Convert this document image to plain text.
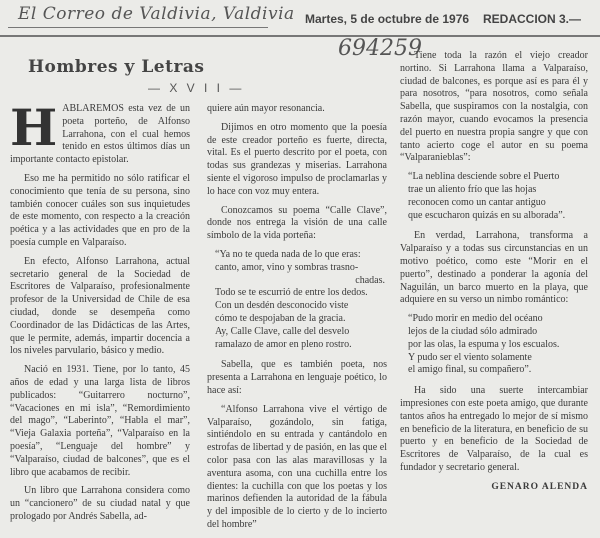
El Correo de Valdivia, Valdivia Martes, 5 de octubre de 1976 REDACCION 3.—
694259
Hombres y Letras
— X V I I —

HABLAREMOS esta vez de un poeta porteño, de Alfonso Larrahona, con el cual hemos tenido en estos últimos días un importante contacto epistolar.

Eso me ha permitido no sólo ratificar el conocimiento que tenía de su persona, sino también conocer cuáles son sus inquietudes de este momento, con respecto a la creación poética y a las actividades que en pro de la poesía cumple en Valparaíso.

En efecto, Alfonso Larrahona, actual secretario general de la Sociedad de Escritores de Valparaíso, profesionalmente profesor de la Universidad de Chile de esa ciudad, donde se desempeña como Coordinador de las Didácticas de las Artes, que le permite, además, impartir docencia a los niveles parvulario, básico y medio.

Nació en 1931. Tiene, por lo tanto, 45 años de edad y una larga lista de libros publicados: “Guitarrero nocturno”, “Vacaciones en mi isla”, “Remordimiento del mago”, “Laberinto”, “Habla el mar”, “Vieja Galaxia porteña”, “Valparaíso en la poesía”, “Lenguaje del hombre” y “Valparaíso, ciudad de balcones”, que es el libro que acabamos de recibir.

Un libro que Larrahona considera como un “cancionero” de su ciudad natal y que prologado por Andrés Sabella, ad-

quiere aún mayor resonancia.

Dijimos en otro momento que la poesía de este creador porteño es fuerte, directa, vital. Es el puerto descrito por el poeta, con todas sus grandezas y miserias. Larrahona siente el vigoroso impulso de proclamarlas y lo hace con voz muy entera.

Conozcamos su poema “Calle Clave”, donde nos entrega la visión de una calle símbolo de la vida porteña:

“Ya no te queda nada de lo que eras:
canto, amor, vino y sombras trasno-
chadas.
Todo se te escurrió de entre los dedos.
Con un desdén desconocido viste
cómo te despojaban de la gracia.
Ay, Calle Clave, calle del desvelo
ramalazo de amor en pleno rostro.

Sabella, que es también poeta, nos presenta a Larrahona en lenguaje poético, lo hace así:

“Alfonso Larrahona vive el vértigo de Valparaíso, gozándolo, sin fatiga, sintiéndolo en su entrada y cantándolo en estrofas de libertad y de pasión, en las que el color pasa con las alas maravillosas y la aventura asoma, con una cuchilla entre los dientes: la cuchilla con que los poetas y los marinos defienden la autoridad de la fábula y del imposible de lo cierto y de lo incierto del hombre”

Tiene toda la razón el viejo creador nortino. Si Larrahona llama a Valparaíso, ciudad de balcones, es porque así es para él y para nosotros, “para nosotros, como señala Sabella, que suspiramos con la nostalgia, con razón mayor, cuando evocamos la presencia del puerto en nuestra propia sangre y que con tanto acierto coge el autor en su poema “Valparanieblas”:

“La neblina desciende sobre el Puerto
trae un aliento frío que las hojas
reconocen como un cantar antiguo
que escucharon quizás en su alborada”.

En verdad, Larrahona, transforma a Valparaíso y a todas sus circunstancias en un motivo poético, como este “Morir en el puerto”, destinado a ponderar la agonía del Naguilán, un barco muerto en la playa, que adquiere en su verso un nimbo romántico:

“Pudo morir en medio del océano
lejos de la ciudad sólo admirado
por las olas, la espuma y los escualos.
Y pudo ser el viento solamente
el amigo final, su compañero”.

Ha sido una suerte intercambiar impresiones con este poeta amigo, que durante tantos años ha entregado lo mejor de sí mismo en beneficio de la literatura, en beneficio de su puerto y en beneficio de la Sociedad de Escritores de Valparaíso, de la cual es fundador y secretario general.

GENARO ALENDA
